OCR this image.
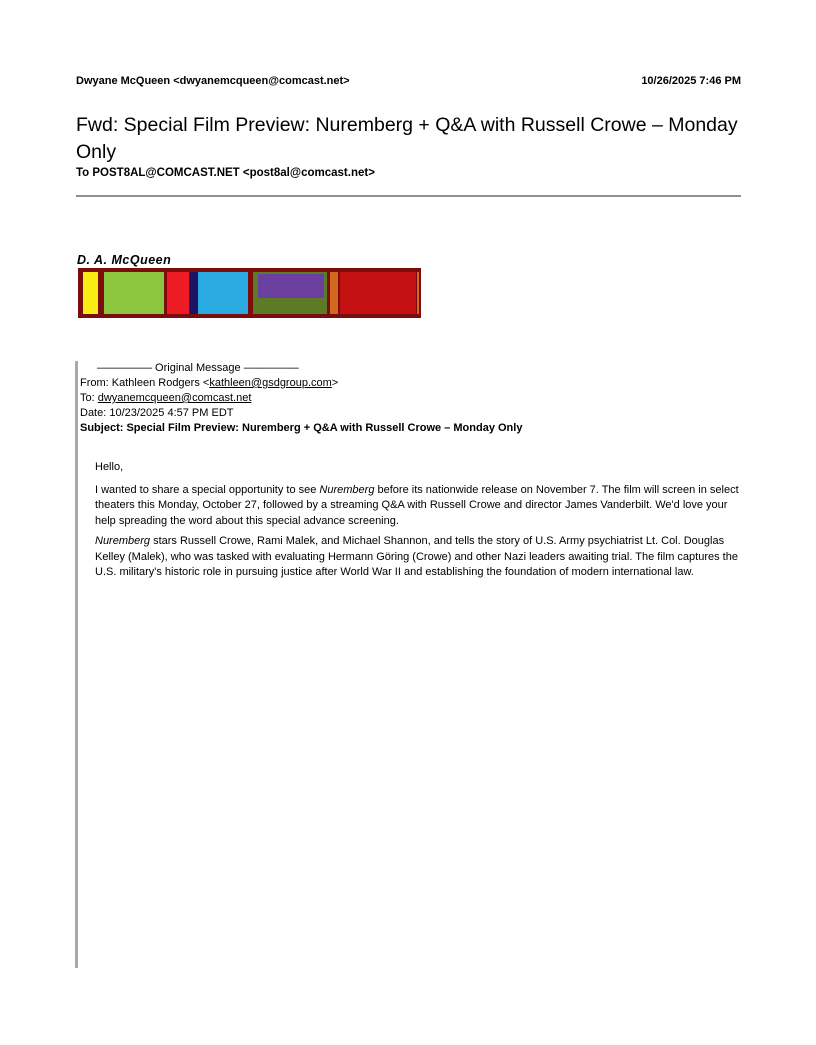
Dwyane McQueen <dwyanemcqueen@comcast.net>	10/26/2025 7:46 PM
Fwd: Special Film Preview: Nuremberg + Q&A with Russell Crowe – Monday Only
To POST8AL@COMCAST.NET <post8al@comcast.net>
D. A. McQueen
————— Original Message —————
From: Kathleen Rodgers <kathleen@gsdgroup.com>
To: dwyanemcqueen@comcast.net
Date: 10/23/2025 4:57 PM EDT
Subject: Special Film Preview: Nuremberg + Q&A with Russell Crowe – Monday Only

Hello,

I wanted to share a special opportunity to see Nuremberg before its nationwide release on November 7. The film will screen in select theaters this Monday, October 27, followed by a streaming Q&A with Russell Crowe and director James Vanderbilt. We'd love your help spreading the word about this special advance screening.

Nuremberg stars Russell Crowe, Rami Malek, and Michael Shannon, and tells the story of U.S. Army psychiatrist Lt. Col. Douglas Kelley (Malek), who was tasked with evaluating Hermann Göring (Crowe) and other Nazi leaders awaiting trial. The film captures the U.S. military's historic role in pursuing justice after World War II and establishing the foundation of modern international law.
